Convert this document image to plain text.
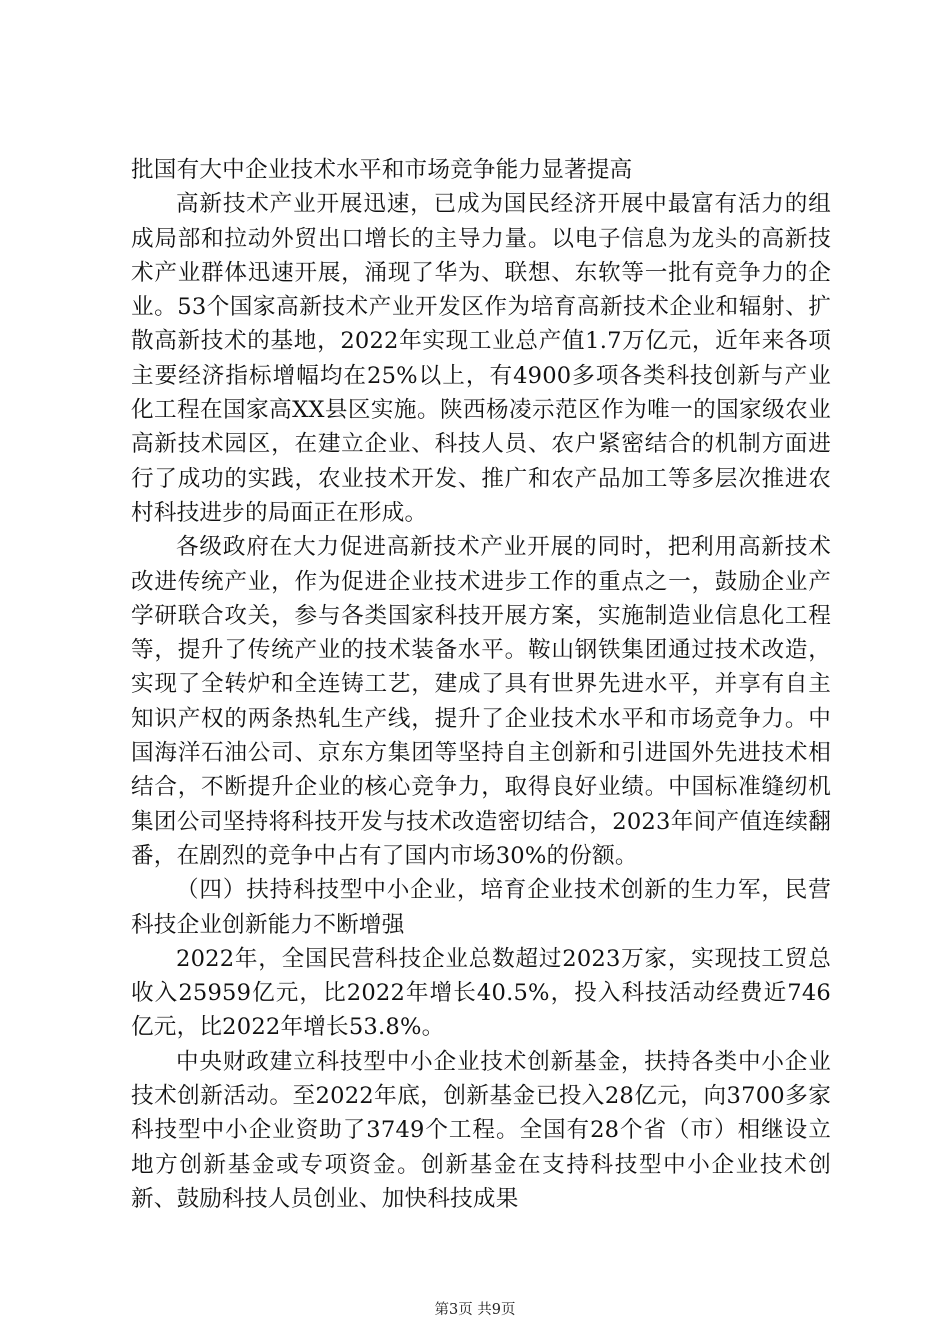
批国有大中企业技术水平和市场竞争能力显著提高

高新技术产业开展迅速，已成为国民经济开展中最富有活力的组成局部和拉动外贸出口增长的主导力量。以电子信息为龙头的高新技术产业群体迅速开展，涌现了华为、联想、东软等一批有竞争力的企业。53个国家高新技术产业开发区作为培育高新技术企业和辐射、扩散高新技术的基地，2022年实现工业总产值1.7万亿元，近年来各项主要经济指标增幅均在25%以上，有4900多项各类科技创新与产业化工程在国家高XX县区实施。陕西杨凌示范区作为唯一的国家级农业高新技术园区，在建立企业、科技人员、农户紧密结合的机制方面进行了成功的实践，农业技术开发、推广和农产品加工等多层次推进农村科技进步的局面正在形成。

各级政府在大力促进高新技术产业开展的同时，把利用高新技术改进传统产业，作为促进企业技术进步工作的重点之一，鼓励企业产学研联合攻关，参与各类国家科技开展方案，实施制造业信息化工程等，提升了传统产业的技术装备水平。鞍山钢铁集团通过技术改造，实现了全转炉和全连铸工艺，建成了具有世界先进水平，并享有自主知识产权的两条热轧生产线，提升了企业技术水平和市场竞争力。中国海洋石油公司、京东方集团等坚持自主创新和引进国外先进技术相结合，不断提升企业的核心竞争力，取得良好业绩。中国标准缝纫机集团公司坚持将科技开发与技术改造密切结合，2023年间产值连续翻番，在剧烈的竞争中占有了国内市场30%的份额。

（四）扶持科技型中小企业，培育企业技术创新的生力军，民营科技企业创新能力不断增强

2022年，全国民营科技企业总数超过2023万家，实现技工贸总收入25959亿元，比2022年增长40.5%，投入科技活动经费近746亿元，比2022年增长53.8%。

中央财政建立科技型中小企业技术创新基金，扶持各类中小企业技术创新活动。至2022年底，创新基金已投入28亿元，向3700多家科技型中小企业资助了3749个工程。全国有28个省（市）相继设立地方创新基金或专项资金。创新基金在支持科技型中小企业技术创新、鼓励科技人员创业、加快科技成果

第3页 共9页
